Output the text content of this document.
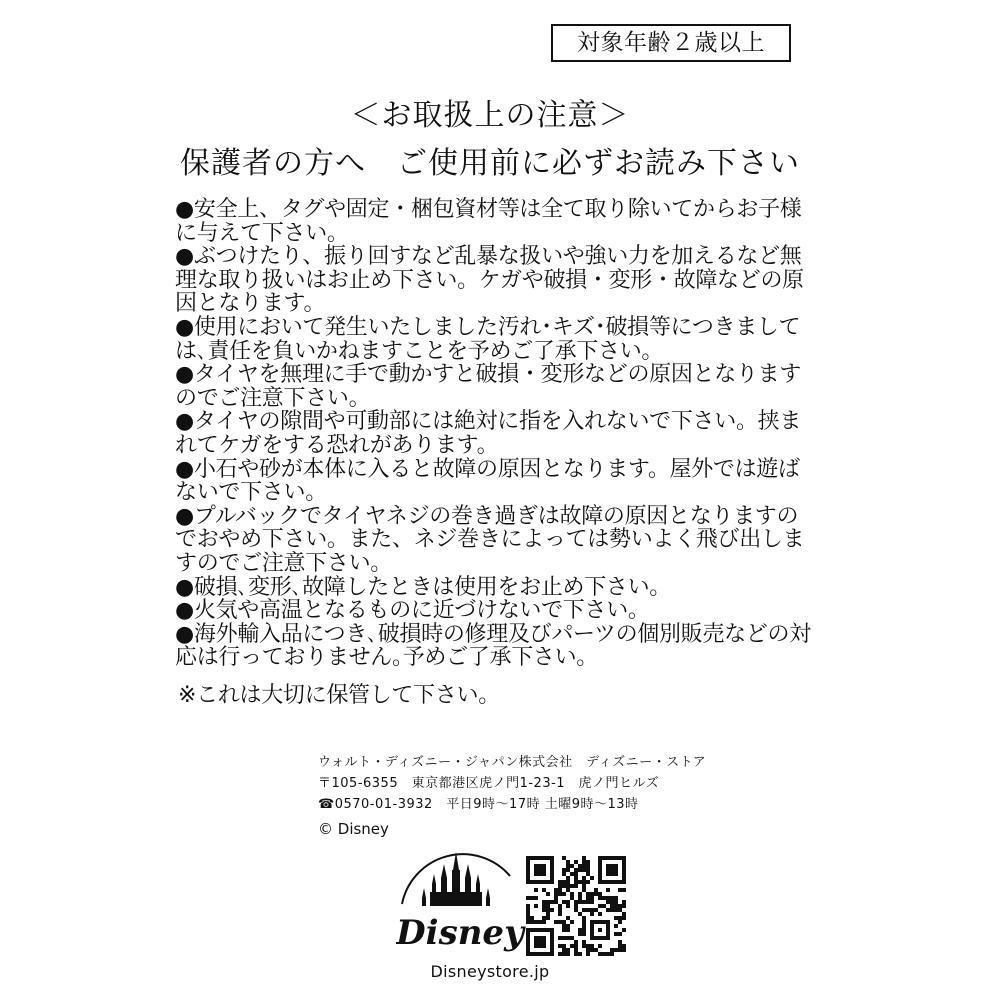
対象年齢２歳以上
＜お取扱上の注意＞
保護者の方へ　ご使用前に必ずお読み下さい

●安全上、タグや固定・梱包資材等は全て取り除いてからお子様に与えて下さい。

●ぶつけたり、振り回すなど乱暴な扱いや強い力を加えるなど無理な取り扱いはお止め下さい。ケガや破損・変形・故障などの原因となります。

●使用において発生いたしました汚れ･キズ･破損等につきましては､責任を負いかねますことを予めご了承下さい。

●タイヤを無理に手で動かすと破損・変形などの原因となりますのでご注意下さい。

●タイヤの隙間や可動部には絶対に指を入れないで下さい。挟まれてケガをする恐れがあります。

●小石や砂が本体に入ると故障の原因となります。屋外では遊ばないで下さい。

●プルバックでタイヤネジの巻き過ぎは故障の原因となりますのでおやめ下さい。また、ネジ巻きによっては勢いよく飛び出しますのでご注意下さい。

●破損､変形､故障したときは使用をお止め下さい。

●火気や高温となるものに近づけないで下さい。

●海外輸入品につき､破損時の修理及びパーツの個別販売などの対応は行っておりません｡予めご了承下さい。

※これは大切に保管して下さい。
ウォルト・ディズニー・ジャパン株式会社　ディズニー・ストア
〒105-6355　東京都港区虎ノ門1-23-1　虎ノ門ヒルズ
☎0570-01-3932　平日9時～17時 土曜9時～13時
© Disney
Disney
Disneystore.jp
